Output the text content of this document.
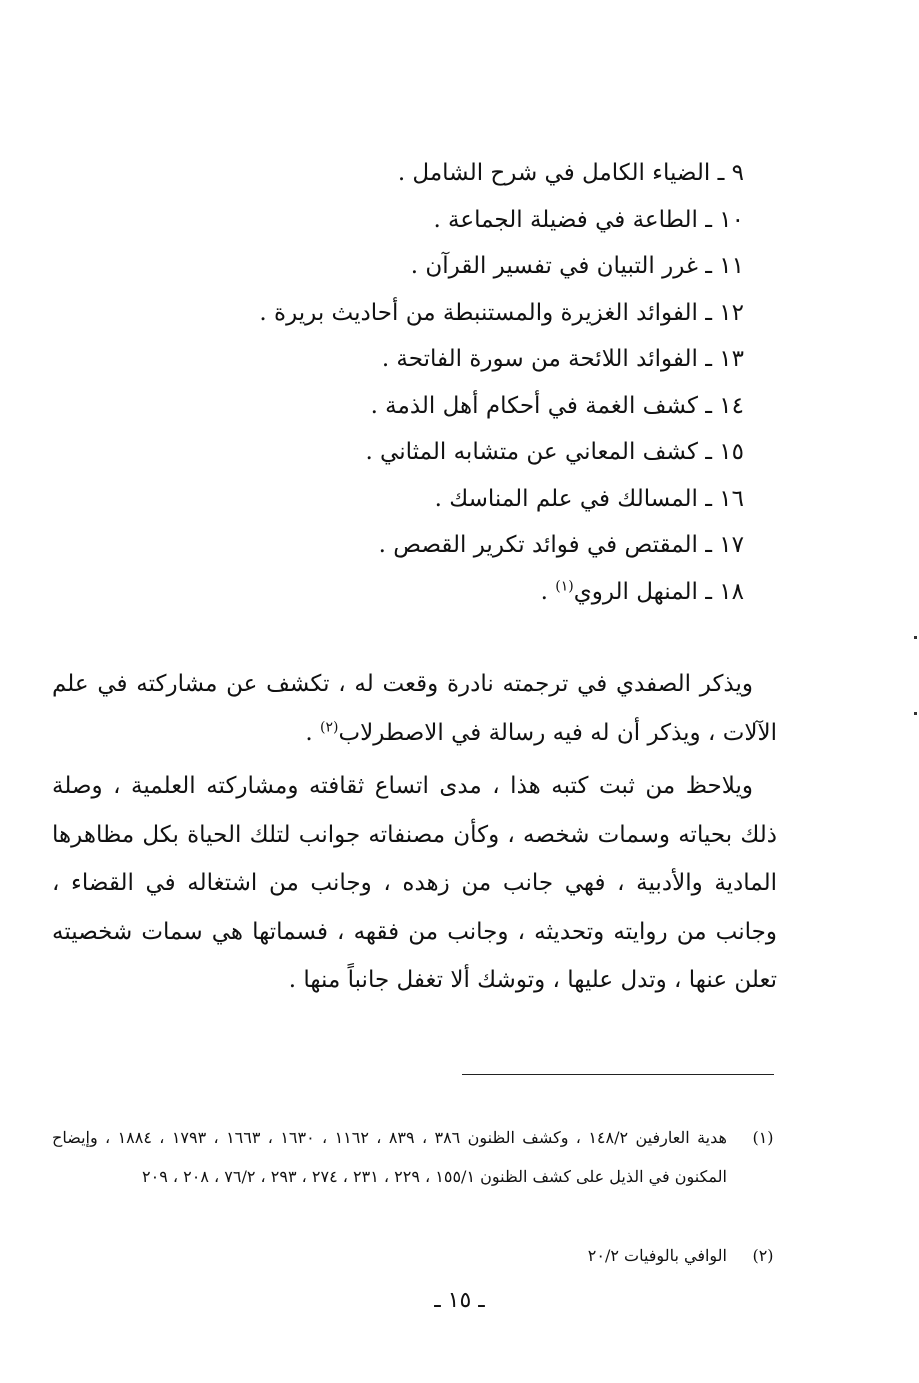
٩ ـ الضياء الكامل في شرح الشامل .
١٠ ـ الطاعة في فضيلة الجماعة .
١١ ـ غرر التبيان في تفسير القرآن .
١٢ ـ الفوائد الغزيرة والمستنبطة من أحاديث بريرة .
١٣ ـ الفوائد اللائحة من سورة الفاتحة .
١٤ ـ كشف الغمة في أحكام أهل الذمة .
١٥ ـ كشف المعاني عن متشابه المثاني .
١٦ ـ المسالك في علم المناسك .
١٧ ـ المقتص في فوائد تكرير القصص .
١٨ ـ المنهل الروي$^{(١)}$ .

ويذكر الصفدي في ترجمته نادرة وقعت له ، تكشف عن مشاركته في علم الآلات ، ويذكر أن له فيه رسالة في الاصطرلاب$^{(٢)}$ .

ويلاحظ من ثبت كتبه هذا ، مدى اتساع ثقافته ومشاركته العلمية ، وصلة ذلك بحياته وسمات شخصه ، وكأن مصنفاته جوانب لتلك الحياة بكل مظاهرها المادية والأدبية ، فهي جانب من زهده ، وجانب من اشتغاله في القضاء ، وجانب من روايته وتحديثه ، وجانب من فقهه ، فسماتها هي سمات شخصيته تعلن عنها ، وتدل عليها ، وتوشك ألا تغفل جانباً منها .

(١)
هدية العارفين ١٤٨/٢ ، وكشف الظنون ٣٨٦ ، ٨٣٩ ، ١١٦٢ ، ١٦٣٠ ، ١٦٦٣ ، ١٧٩٣ ، ١٨٨٤ ، وإيضاح المكنون في الذيل على كشف الظنون ١٥٥/١ ، ٢٢٩ ، ٢٣١ ، ٢٧٤ ، ٢٩٣ ، ٧٦/٢ ، ٢٠٨ ، ٢٠٩
(٢)
الوافي بالوفيات ٢٠/٢
ـ ١٥ ـ
